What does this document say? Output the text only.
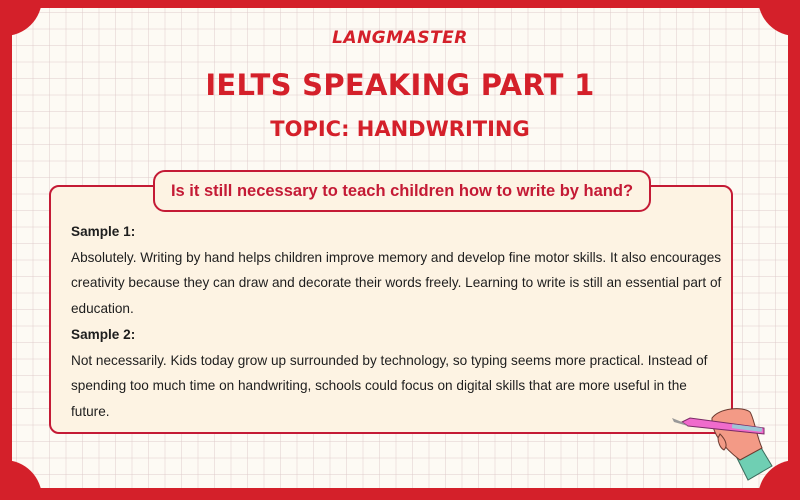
LANGMASTER
IELTS SPEAKING PART 1
TOPIC: HANDWRITING
Is it still necessary to teach children how to write by hand?
Sample 1:
Absolutely. Writing by hand helps children improve memory and develop fine motor skills. It also encourages creativity because they can draw and decorate their words freely. Learning to write is still an essential part of education.
Sample 2:
Not necessarily. Kids today grow up surrounded by technology, so typing seems more practical. Instead of spending too much time on handwriting, schools could focus on digital skills that are more useful in the future.
